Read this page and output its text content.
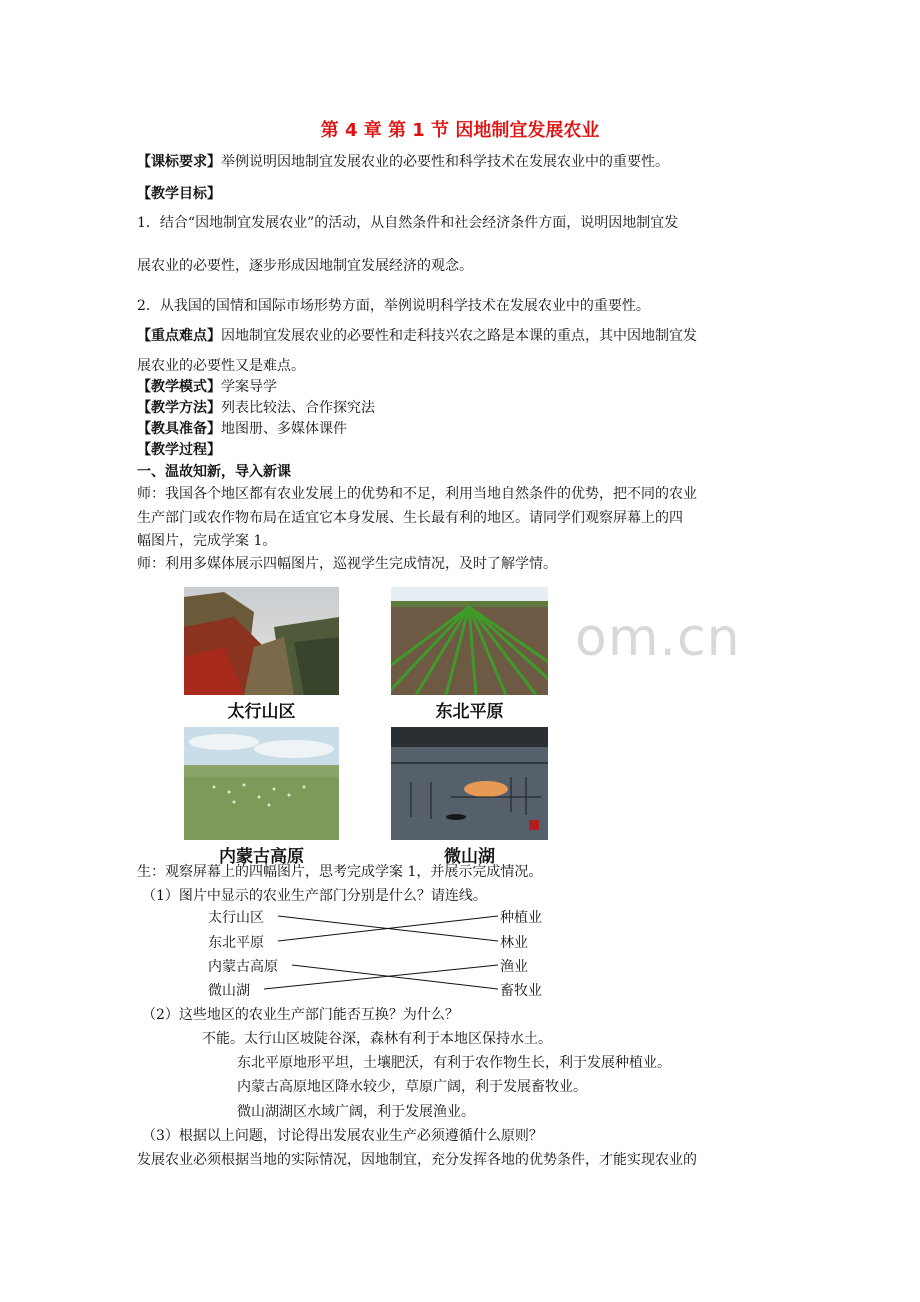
第 4 章 第 1 节 因地制宜发展农业
【课标要求】举例说明因地制宜发展农业的必要性和科学技术在发展农业中的重要性。
【教学目标】
1．结合“因地制宜发展农业”的活动，从自然条件和社会经济条件方面，说明因地制宜发
展农业的必要性，逐步形成因地制宜发展经济的观念。
2．从我国的国情和国际市场形势方面，举例说明科学技术在发展农业中的重要性。
【重点难点】因地制宜发展农业的必要性和走科技兴农之路是本课的重点，其中因地制宜发
展农业的必要性又是难点。
【教学模式】学案导学
【教学方法】列表比较法、合作探究法
【教具准备】地图册、多媒体课件
【教学过程】
一、温故知新，导入新课
师：我国各个地区都有农业发展上的优势和不足，利用当地自然条件的优势，把不同的农业
生产部门或农作物布局在适宜它本身发展、生长最有利的地区。请同学们观察屏幕上的四
幅图片，完成学案 1。
师：利用多媒体展示四幅图片，巡视学生完成情况，及时了解学情。
太行山区	东北平原
内蒙古高原	微山湖
om.cn
生：观察屏幕上的四幅图片，思考完成学案 1，并展示完成情况。
（1）图片中显示的农业生产部门分别是什么？请连线。
太行山区
东北平原
内蒙古高原
微山湖
种植业
林业
渔业
畜牧业
（2）这些地区的农业生产部门能否互换？为什么？
不能。太行山区坡陡谷深，森林有利于本地区保持水土。
东北平原地形平坦，土壤肥沃，有利于农作物生长，利于发展种植业。
内蒙古高原地区降水较少，草原广阔，利于发展畜牧业。
微山湖湖区水域广阔，利于发展渔业。
（3）根据以上问题，讨论得出发展农业生产必须遵循什么原则？
发展农业必须根据当地的实际情况，因地制宜，充分发挥各地的优势条件，才能实现农业的
